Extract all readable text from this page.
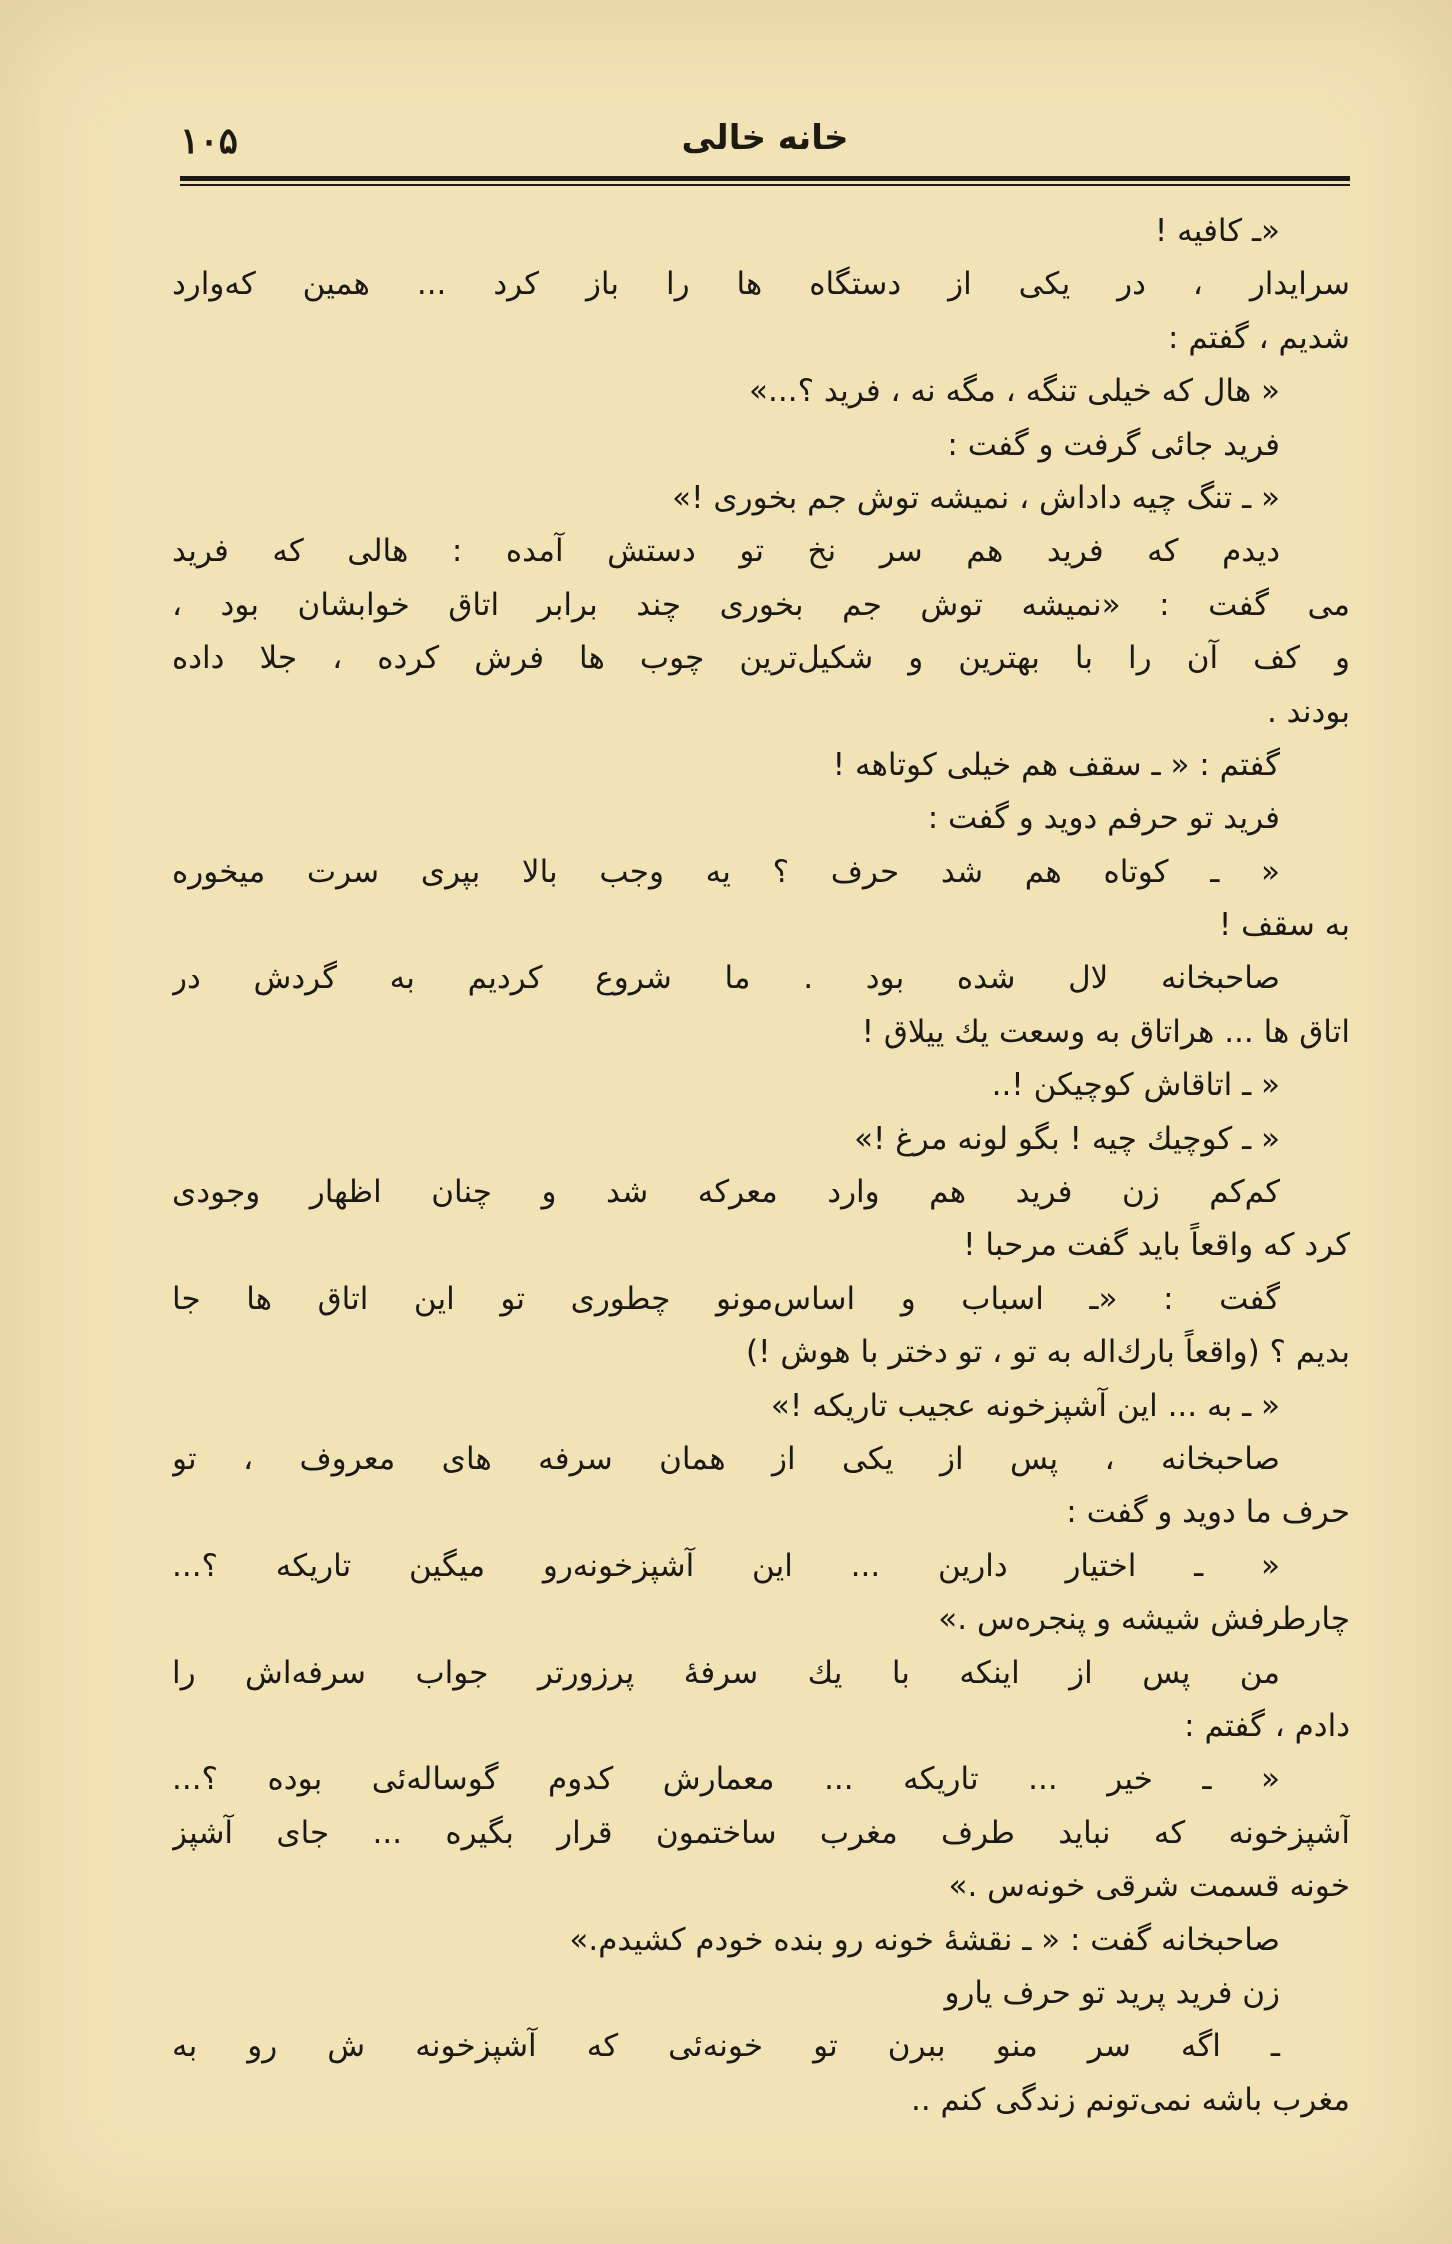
۱۰۵	خانه خالی
«ـ کافیه !
سرایدار ، در یکی از دستگاه ها را باز کرد ... همین که‌وارد
شدیم ، گفتم :
« هال که خیلی تنگه ، مگه نه ، فرید ؟...»
فرید جائی گرفت و گفت :
« ـ تنگ چیه داداش ، نمیشه توش جم بخوری !»
دیدم که فرید هم سر نخ تو دستش آمده : هالی که فرید
می گفت : «نمیشه توش جم بخوری چند برابر اتاق خوابشان بود ،
و کف آن را با بهترین و شکیل‌ترین چوب ها فرش کرده ، جلا داده
بودند .
گفتم : « ـ سقف هم خیلی کوتاهه !
فرید تو حرفم دوید و گفت :
« ـ کوتاه هم شد حرف ؟ یه وجب بالا بپری سرت میخوره
به سقف !
صاحبخانه لال شده بود . ما شروع کردیم به گردش در
اتاق ها ... هراتاق به وسعت یك ییلاق !
« ـ اتاقاش کوچیکن !..
« ـ کوچیك چیه ! بگو لونه مرغ !»
کم‌کم زن فرید هم وارد معرکه شد و چنان اظهار وجودی
کرد که واقعاً باید گفت مرحبا !
گفت : «ـ اسباب و اساس‌مونو چطوری تو این اتاق ها جا
بدیم ؟ (واقعاً بارك‌اله به تو ، تو دختر با هوش !)
« ـ به ... این آشپزخونه عجیب تاریکه !»
صاحبخانه ، پس از یکی از همان سرفه های معروف ، تو
حرف ما دوید و گفت :
« ـ اختیار دارین ... این آشپزخونه‌رو میگین تاریکه ؟...
چارطرفش شیشه و پنجره‌س .»
من پس از اینکه با یك سرفهٔ پرزورتر جواب سرفه‌اش را
دادم ، گفتم :
« ـ خیر ... تاریکه ... معمارش کدوم گوساله‌ئی بوده ؟...
آشپزخونه که نباید طرف مغرب ساختمون قرار بگیره ... جای آشپز
خونه قسمت شرقی خونه‌س .»
صاحبخانه گفت : « ـ نقشهٔ خونه رو بنده خودم کشیدم.»
زن فرید پرید تو حرف یارو
ـ اگه سر منو ببرن تو خونه‌ئی که آشپزخونه ش رو به
مغرب باشه نمی‌تونم زندگی کنم ..
